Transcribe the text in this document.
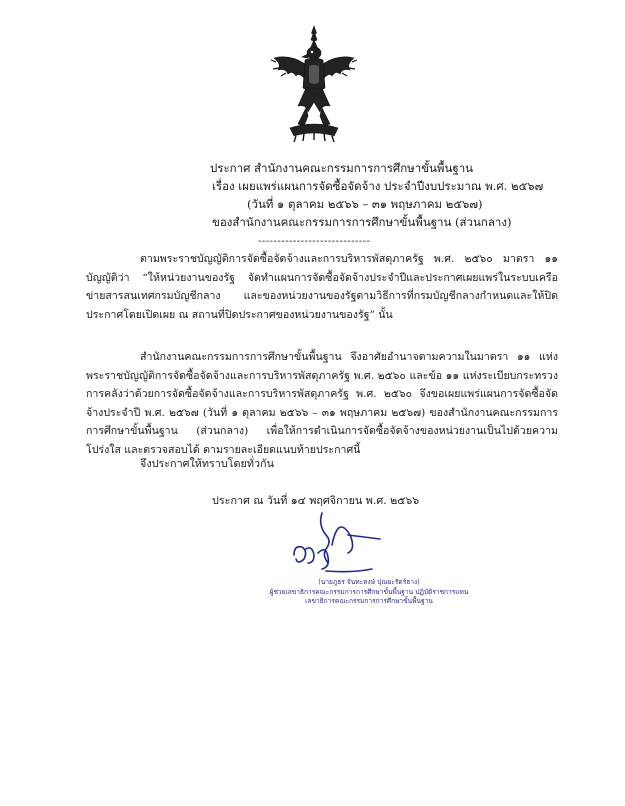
ประกาศ สำนักงานคณะกรรมการการศึกษาขั้นพื้นฐาน
เรื่อง เผยแพร่แผนการจัดซื้อจัดจ้าง ประจำปีงบประมาณ พ.ศ. ๒๕๖๗
(วันที่ ๑ ตุลาคม ๒๕๖๖ – ๓๑ พฤษภาคม ๒๕๖๗)
ของสำนักงานคณะกรรมการการศึกษาขั้นพื้นฐาน (ส่วนกลาง)
-----------------------------

ตามพระราชบัญญัติการจัดซื้อจัดจ้างและการบริหารพัสดุภาครัฐ พ.ศ. ๒๕๖๐ มาตรา ๑๑ บัญญัติว่า “ให้หน่วยงานของรัฐ จัดทำแผนการจัดซื้อจัดจ้างประจำปีและประกาศเผยแพร่ในระบบเครือข่ายสารสนเทศกรมบัญชีกลาง และของหน่วยงานของรัฐตามวิธีการที่กรมบัญชีกลางกำหนดและให้ปิดประกาศโดยเปิดเผย ณ สถานที่ปิดประกาศของหน่วยงานของรัฐ” นั้น

สำนักงานคณะกรรมการการศึกษาขั้นพื้นฐาน จึงอาศัยอำนาจตามความในมาตรา ๑๑ แห่งพระราชบัญญัติการจัดซื้อจัดจ้างและการบริหารพัสดุภาครัฐ พ.ศ. ๒๕๖๐ และข้อ ๑๑ แห่งระเบียบกระทรวงการคลังว่าด้วยการจัดซื้อจัดจ้างและการบริหารพัสดุภาครัฐ พ.ศ. ๒๕๖๐ จึงขอเผยแพร่แผนการจัดซื้อจัดจ้างประจำปี พ.ศ. ๒๕๖๗ (วันที่ ๑ ตุลาคม ๒๕๖๖ – ๓๑ พฤษภาคม ๒๕๖๗) ของสำนักงานคณะกรรมการการศึกษาขั้นพื้นฐาน (ส่วนกลาง) เพื่อให้การดำเนินการจัดซื้อจัดจ้างของหน่วยงานเป็นไปด้วยความโปร่งใส และตรวจสอบได้ ตามรายละเอียดแนบท้ายประกาศนี้

จึงประกาศให้ทราบโดยทั่วกัน
ประกาศ ณ วันที่ ๑๔ พฤศจิกายน พ.ศ. ๒๕๖๖
(นายภูธร จันทะหงษ์ ปุณยะรัตร์ธาง)
ผู้ช่วยเลขาธิการคณะกรรมการการศึกษาขั้นพื้นฐาน ปฏิบัติราชการแทน
เลขาธิการคณะกรรมการการศึกษาขั้นพื้นฐาน
